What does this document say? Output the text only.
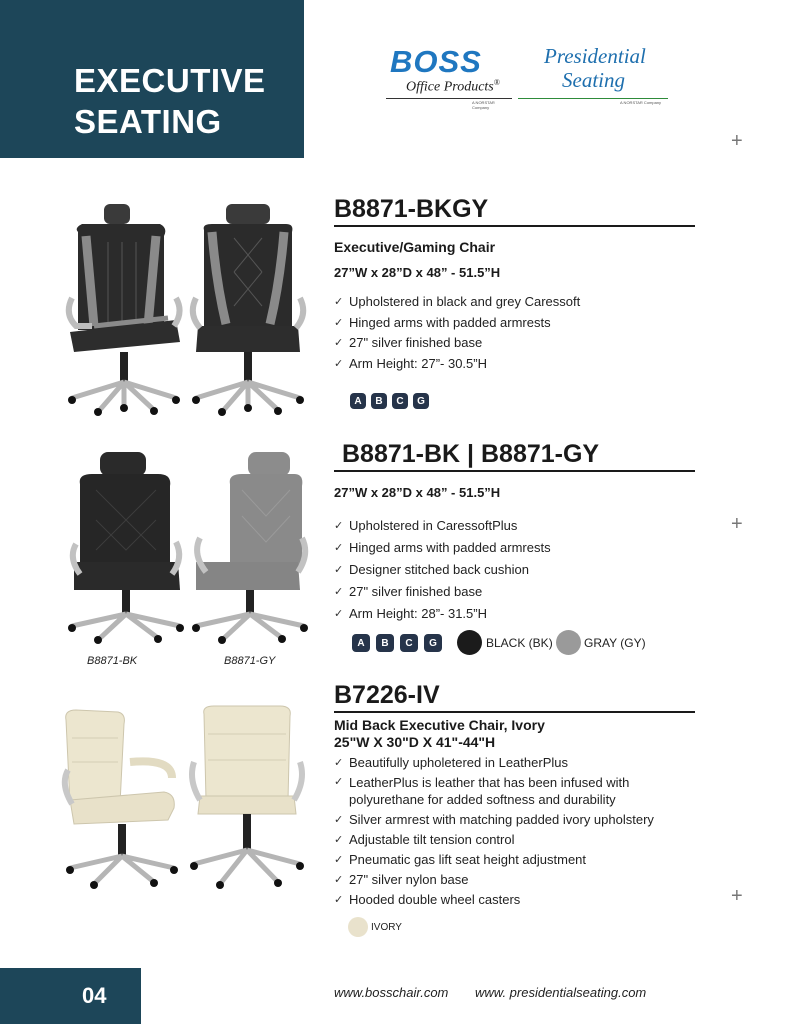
EXECUTIVE
SEATING
BOSS
Office Products®
A NORSTAR Company
Presidential
Seating
A NORSTAR Company
+
+
+
B8871-BKGY
Executive/Gaming Chair
27”W x 28”D x 48” - 51.5”H
✓ Upholstered in black and grey Caressoft
✓ Hinged arms with padded armrests
✓ 27" silver finished base
✓ Arm Height: 27”- 30.5”H
A	B	C	G
B8871-BK	B8871-GY
B8871-BK | B8871-GY
27”W x 28”D x 48” - 51.5”H
✓ Upholstered in CaressoftPlus
✓ Hinged arms with padded armrests
✓ Designer stitched back cushion
✓ 27" silver finished base
✓ Arm Height: 28”- 31.5”H
A	B	C	G	BLACK (BK)	GRAY (GY)
B7226-IV
Mid Back Executive Chair, Ivory
25"W X 30"D X 41"-44"H
✓ Beautifully upholetered in LeatherPlus
✓ LeatherPlus is leather that has been infused with polyurethane for added softness and durability
✓ Silver armrest with matching padded ivory upholstery
✓ Adjustable tilt tension control
✓ Pneumatic gas lift seat height adjustment
✓ 27" silver nylon base
✓ Hooded double wheel casters
IVORY
04	www.bosschair.com www. presidentialseating.com
